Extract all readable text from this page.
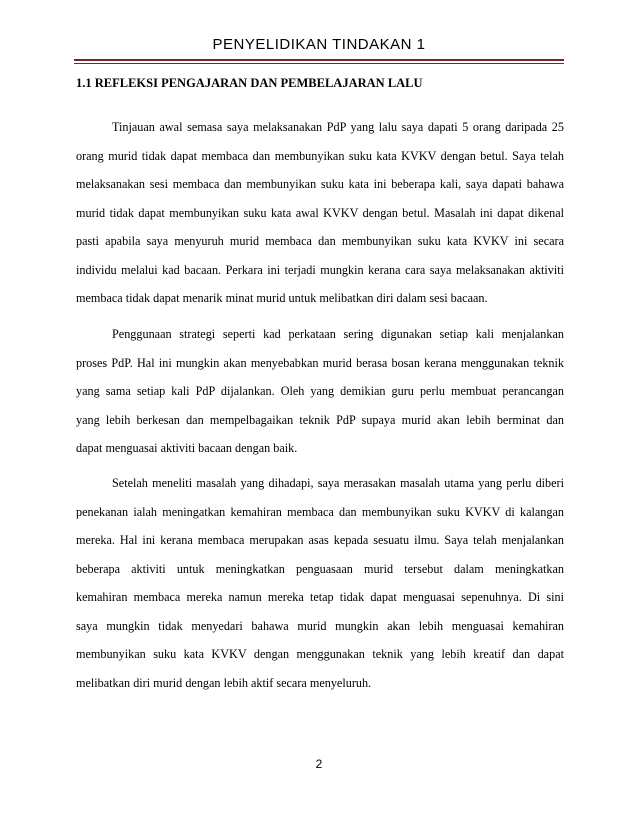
PENYELIDIKAN TINDAKAN 1
1.1 REFLEKSI PENGAJARAN DAN PEMBELAJARAN LALU
Tinjauan awal semasa saya melaksanakan PdP yang lalu saya dapati 5 orang daripada 25
orang murid tidak dapat membaca dan membunyikan suku kata KVKV dengan betul. Saya telah
melaksanakan sesi membaca dan membunyikan suku kata ini beberapa kali, saya dapati bahawa
murid tidak dapat membunyikan suku kata awal KVKV dengan betul. Masalah ini dapat dikenal
pasti apabila saya menyuruh murid membaca dan membunyikan suku kata KVKV ini secara
individu melalui kad bacaan. Perkara ini terjadi mungkin kerana cara saya melaksanakan aktiviti
membaca tidak dapat menarik minat murid untuk melibatkan diri dalam sesi bacaan.
Penggunaan strategi seperti kad perkataan sering digunakan setiap kali menjalankan
proses PdP. Hal ini mungkin akan menyebabkan murid berasa bosan kerana menggunakan teknik
yang sama setiap kali PdP dijalankan. Oleh yang demikian guru perlu membuat perancangan
yang lebih berkesan dan mempelbagaikan teknik PdP supaya murid akan lebih berminat dan
dapat menguasai aktiviti bacaan dengan baik.
Setelah meneliti masalah yang dihadapi, saya merasakan masalah utama yang perlu diberi
penekanan ialah meningatkan kemahiran membaca dan membunyikan suku KVKV di kalangan
mereka. Hal ini kerana membaca merupakan asas kepada sesuatu ilmu. Saya telah menjalankan
beberapa aktiviti untuk meningkatkan penguasaan murid tersebut dalam meningkatkan
kemahiran membaca mereka namun mereka tetap tidak dapat menguasai sepenuhnya. Di sini
saya mungkin tidak menyedari bahawa murid mungkin akan lebih menguasai kemahiran
membunyikan suku kata KVKV dengan menggunakan teknik yang lebih kreatif dan dapat
melibatkan diri murid dengan lebih aktif secara menyeluruh.
2
